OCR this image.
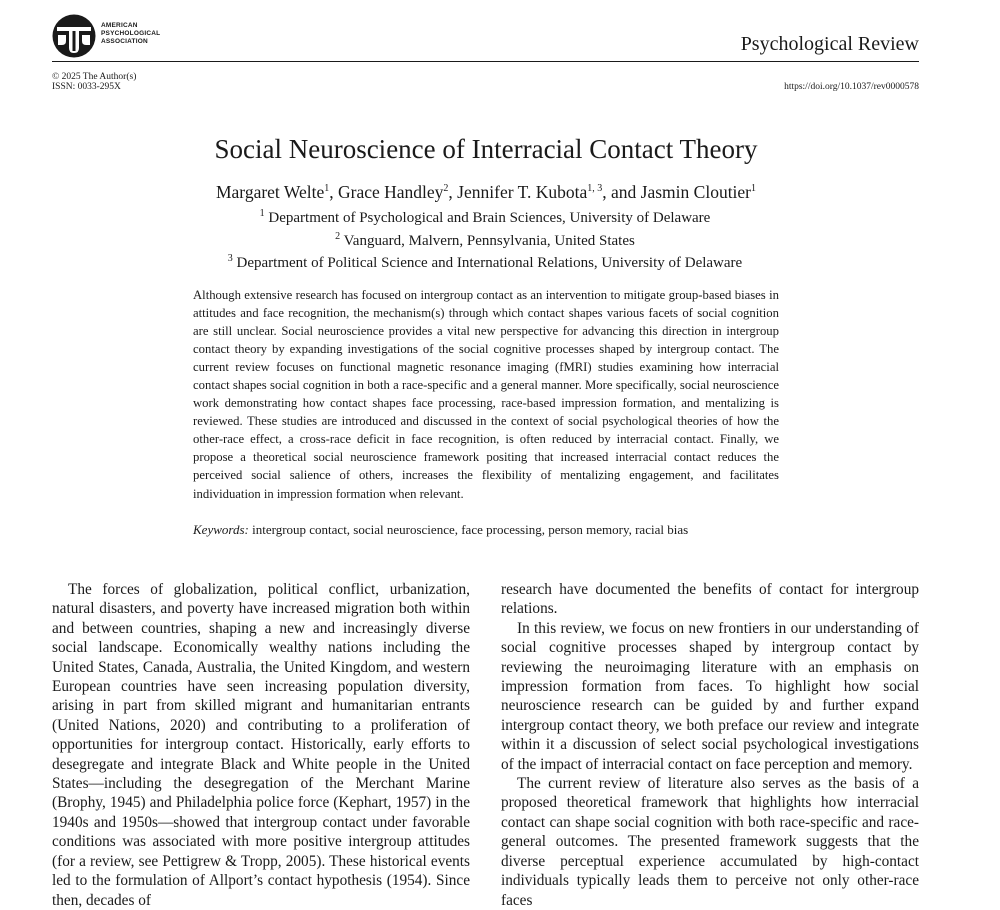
AMERICAN
PSYCHOLOGICAL
ASSOCIATION	Psychological Review
© 2025 The Author(s)
ISSN: 0033-295X	https://doi.org/10.1037/rev0000578
Social Neuroscience of Interracial Contact Theory
Margaret Welte$^1$, Grace Handley$^2$, Jennifer T. Kubota$^{1, 3}$, and Jasmin Cloutier$^1$
$^1$ Department of Psychological and Brain Sciences, University of Delaware
$^2$ Vanguard, Malvern, Pennsylvania, United States
$^3$ Department of Political Science and International Relations, University of Delaware
Although extensive research has focused on intergroup contact as an intervention to mitigate group-based biases in attitudes and face recognition, the mechanism(s) through which contact shapes various facets of social cognition are still unclear. Social neuroscience provides a vital new perspective for advancing this direction in intergroup contact theory by expanding investigations of the social cognitive processes shaped by intergroup contact. The current review focuses on functional magnetic resonance imaging (fMRI) studies examining how interracial contact shapes social cognition in both a race-specific and a general manner. More specifically, social neuroscience work demonstrating how contact shapes face processing, race-based impression formation, and mentalizing is reviewed. These studies are introduced and discussed in the context of social psychological theories of how the other-race effect, a cross-race deficit in face recognition, is often reduced by interracial contact. Finally, we propose a theoretical social neuroscience framework positing that increased interracial contact reduces the perceived social salience of others, increases the flexibility of mentalizing engagement, and facilitates individuation in impression formation when relevant.
Keywords: intergroup contact, social neuroscience, face processing, person memory, racial bias

The forces of globalization, political conflict, urbanization, natural disasters, and poverty have increased migration both within and between countries, shaping a new and increasingly diverse social landscape. Economically wealthy nations including the United States, Canada, Australia, the United Kingdom, and western European countries have seen increasing population diversity, arising in part from skilled migrant and humanitarian entrants (United Nations, 2020) and contributing to a proliferation of opportunities for intergroup contact. Historically, early efforts to desegregate and integrate Black and White people in the United States—including the desegregation of the Merchant Marine (Brophy, 1945) and Philadelphia police force (Kephart, 1957) in the 1940s and 1950s—showed that intergroup contact under favorable conditions was associated with more positive intergroup attitudes (for a review, see Pettigrew & Tropp, 2005). These historical events led to the formulation of Allport’s contact hypothesis (1954). Since then, decades of

research have documented the benefits of contact for intergroup relations.

In this review, we focus on new frontiers in our understanding of social cognitive processes shaped by intergroup contact by reviewing the neuroimaging literature with an emphasis on impression formation from faces. To highlight how social neuroscience research can be guided by and further expand intergroup contact theory, we both preface our review and integrate within it a discussion of select social psychological investigations of the impact of interracial contact on face perception and memory.

The current review of literature also serves as the basis of a proposed theoretical framework that highlights how interracial contact can shape social cognition with both race-specific and race-general outcomes. The presented framework suggests that the diverse perceptual experience accumulated by high-contact individuals typically leads them to perceive not only other-race faces
